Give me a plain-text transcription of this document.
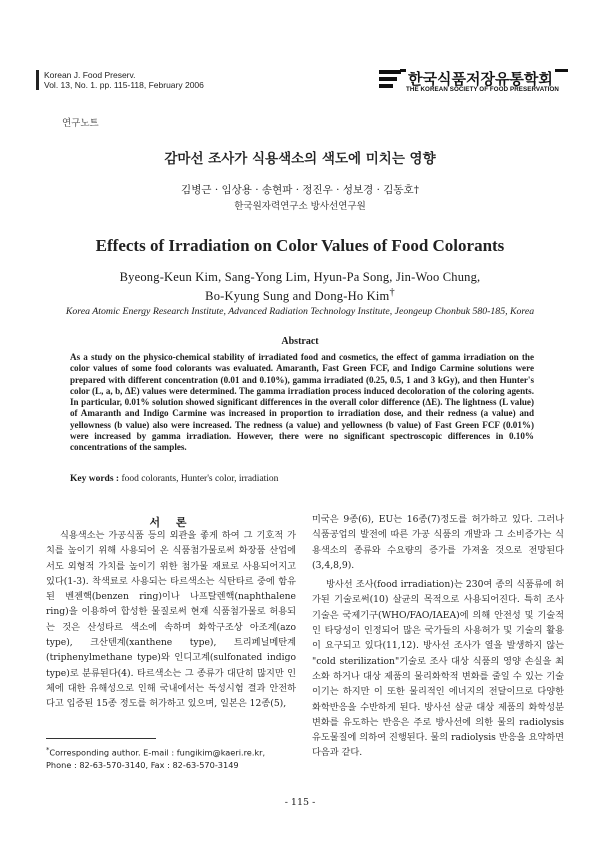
Korean J. Food Preserv.
Vol. 13, No. 1. pp. 115-118, February 2006	한국식품저장유통학회
THE KOREAN SOCIETY OF FOOD PRESERVATION
연구노트
감마선 조사가 식용색소의 색도에 미치는 영향
김병근 · 임상용 · 송현파 · 정진우 · 성보경 · 김동호†
한국원자력연구소 방사선연구원
Effects of Irradiation on Color Values of Food Colorants
Byeong-Keun Kim, Sang-Yong Lim, Hyun-Pa Song, Jin-Woo Chung,
Bo-Kyung Sung and Dong-Ho Kim†
Korea Atomic Energy Research Institute, Advanced Radiation Technology Institute, Jeongeup Chonbuk 580-185, Korea
Abstract
As a study on the physico-chemical stability of irradiated food and cosmetics, the effect of gamma irradiation on the color values of some food colorants was evaluated. Amaranth, Fast Green FCF, and Indigo Carmine solutions were prepared with different concentration (0.01 and 0.10%), gamma irradiated (0.25, 0.5, 1 and 3 kGy), and then Hunter's color (L, a, b, ΔE) values were determined. The gamma irradiation process induced decoloration of the coloring agents. In particular, 0.01% solution showed significant differences in the overall color difference (ΔE). The lightness (L value) of Amaranth and Indigo Carmine was increased in proportion to irradiation dose, and their redness (a value) and yellowness (b value) also were increased. The redness (a value) and yellowness (b value) of Fast Green FCF (0.01%) were increased by gamma irradiation. However, there were no significant spectroscopic differences in 0.10% concentrations of the samples.
Key words : food colorants, Hunter's color, irradiation
서 론

식용색소는 가공식품 등의 외관을 좋게 하여 그 기호적 가치를 높이기 위해 사용되어 온 식품첨가물로써 화장품 산업에서도 외형적 가치를 높이기 위한 첨가물 재료로 사용되어지고 있다(1-3). 착색료로 사용되는 타르색소는 식탄타르 중에 함유된 벤젠핵(benzen ring)이나 나프탈렌핵(naphthalene ring)을 이용하여 합성한 물질로써 현재 식품첨가물로 허용되는 것은 산성타르 색소에 속하며 화학구조상 아조계(azo type), 크산텐계(xanthene type), 트리페닐메탄계(triphenylmethane type)와 인디고계(sulfonated indigo type)로 분류된다(4). 타르색소는 그 종류가 대단히 많지만 인체에 대한 유해성으로 인해 국내에서는 독성시험 결과 안전하다고 입증된 15종 정도를 허가하고 있으며, 일본은 12종(5),

미국은 9종(6), EU는 16종(7)정도를 허가하고 있다. 그러나 식품공업의 발전에 따른 가공 식품의 개발과 그 소비증가는 식용색소의 종류와 수요량의 증가를 가져올 것으로 전망된다(3,4,8,9).

방사선 조사(food irradiation)는 230여 종의 식품류에 허가된 기술로써(10) 살균의 목적으로 사용되어진다. 특히 조사기술은 국제기구(WHO/FAO/IAEA)에 의해 안전성 및 기술적인 타당성이 인정되어 많은 국가들의 사용허가 및 기술의 활용이 요구되고 있다(11,12). 방사선 조사가 열을 발생하지 않는 "cold sterilization"기술로 조사 대상 식품의 영양 손실을 최소화 하거나 대상 제품의 물리화학적 변화를 줄일 수 있는 기술이기는 하지만 이 또한 물리적인 에너지의 전달이므로 다양한 화학반응을 수반하게 된다. 방사선 살균 대상 제품의 화학성분 변화를 유도하는 반응은 주로 방사선에 의한 물의 radiolysis 유도물질에 의하여 진행된다. 물의 radiolysis 반응을 요약하면 다음과 같다.

*Corresponding author. E-mail : fungikim@kaeri.re.kr,
Phone : 82-63-570-3140, Fax : 82-63-570-3149
- 115 -
